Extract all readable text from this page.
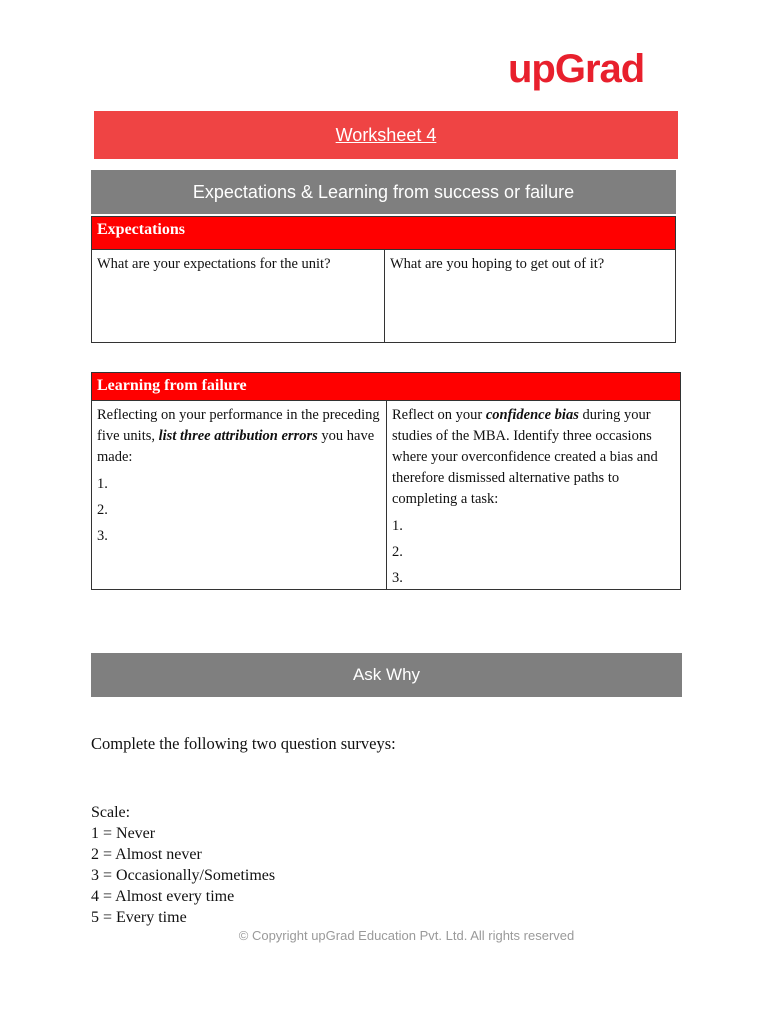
upGrad
Worksheet 4
Expectations & Learning from success or failure
Expectations
What are your expectations for the unit?	What are you hoping to get out of it?
Learning from failure
Reflecting on your performance in the preceding five units, list three attribution errors you have made:
1.
2.
3.
Reflect on your confidence bias during your studies of the MBA. Identify three occasions where your overconfidence created a bias and therefore dismissed alternative paths to completing a task:
1.
2.
3.
Ask Why
Complete the following two question surveys:
Scale:
1 = Never
2 = Almost never
3 = Occasionally/Sometimes
4 = Almost every time
5 = Every time
© Copyright upGrad Education Pvt. Ltd. All rights reserved
